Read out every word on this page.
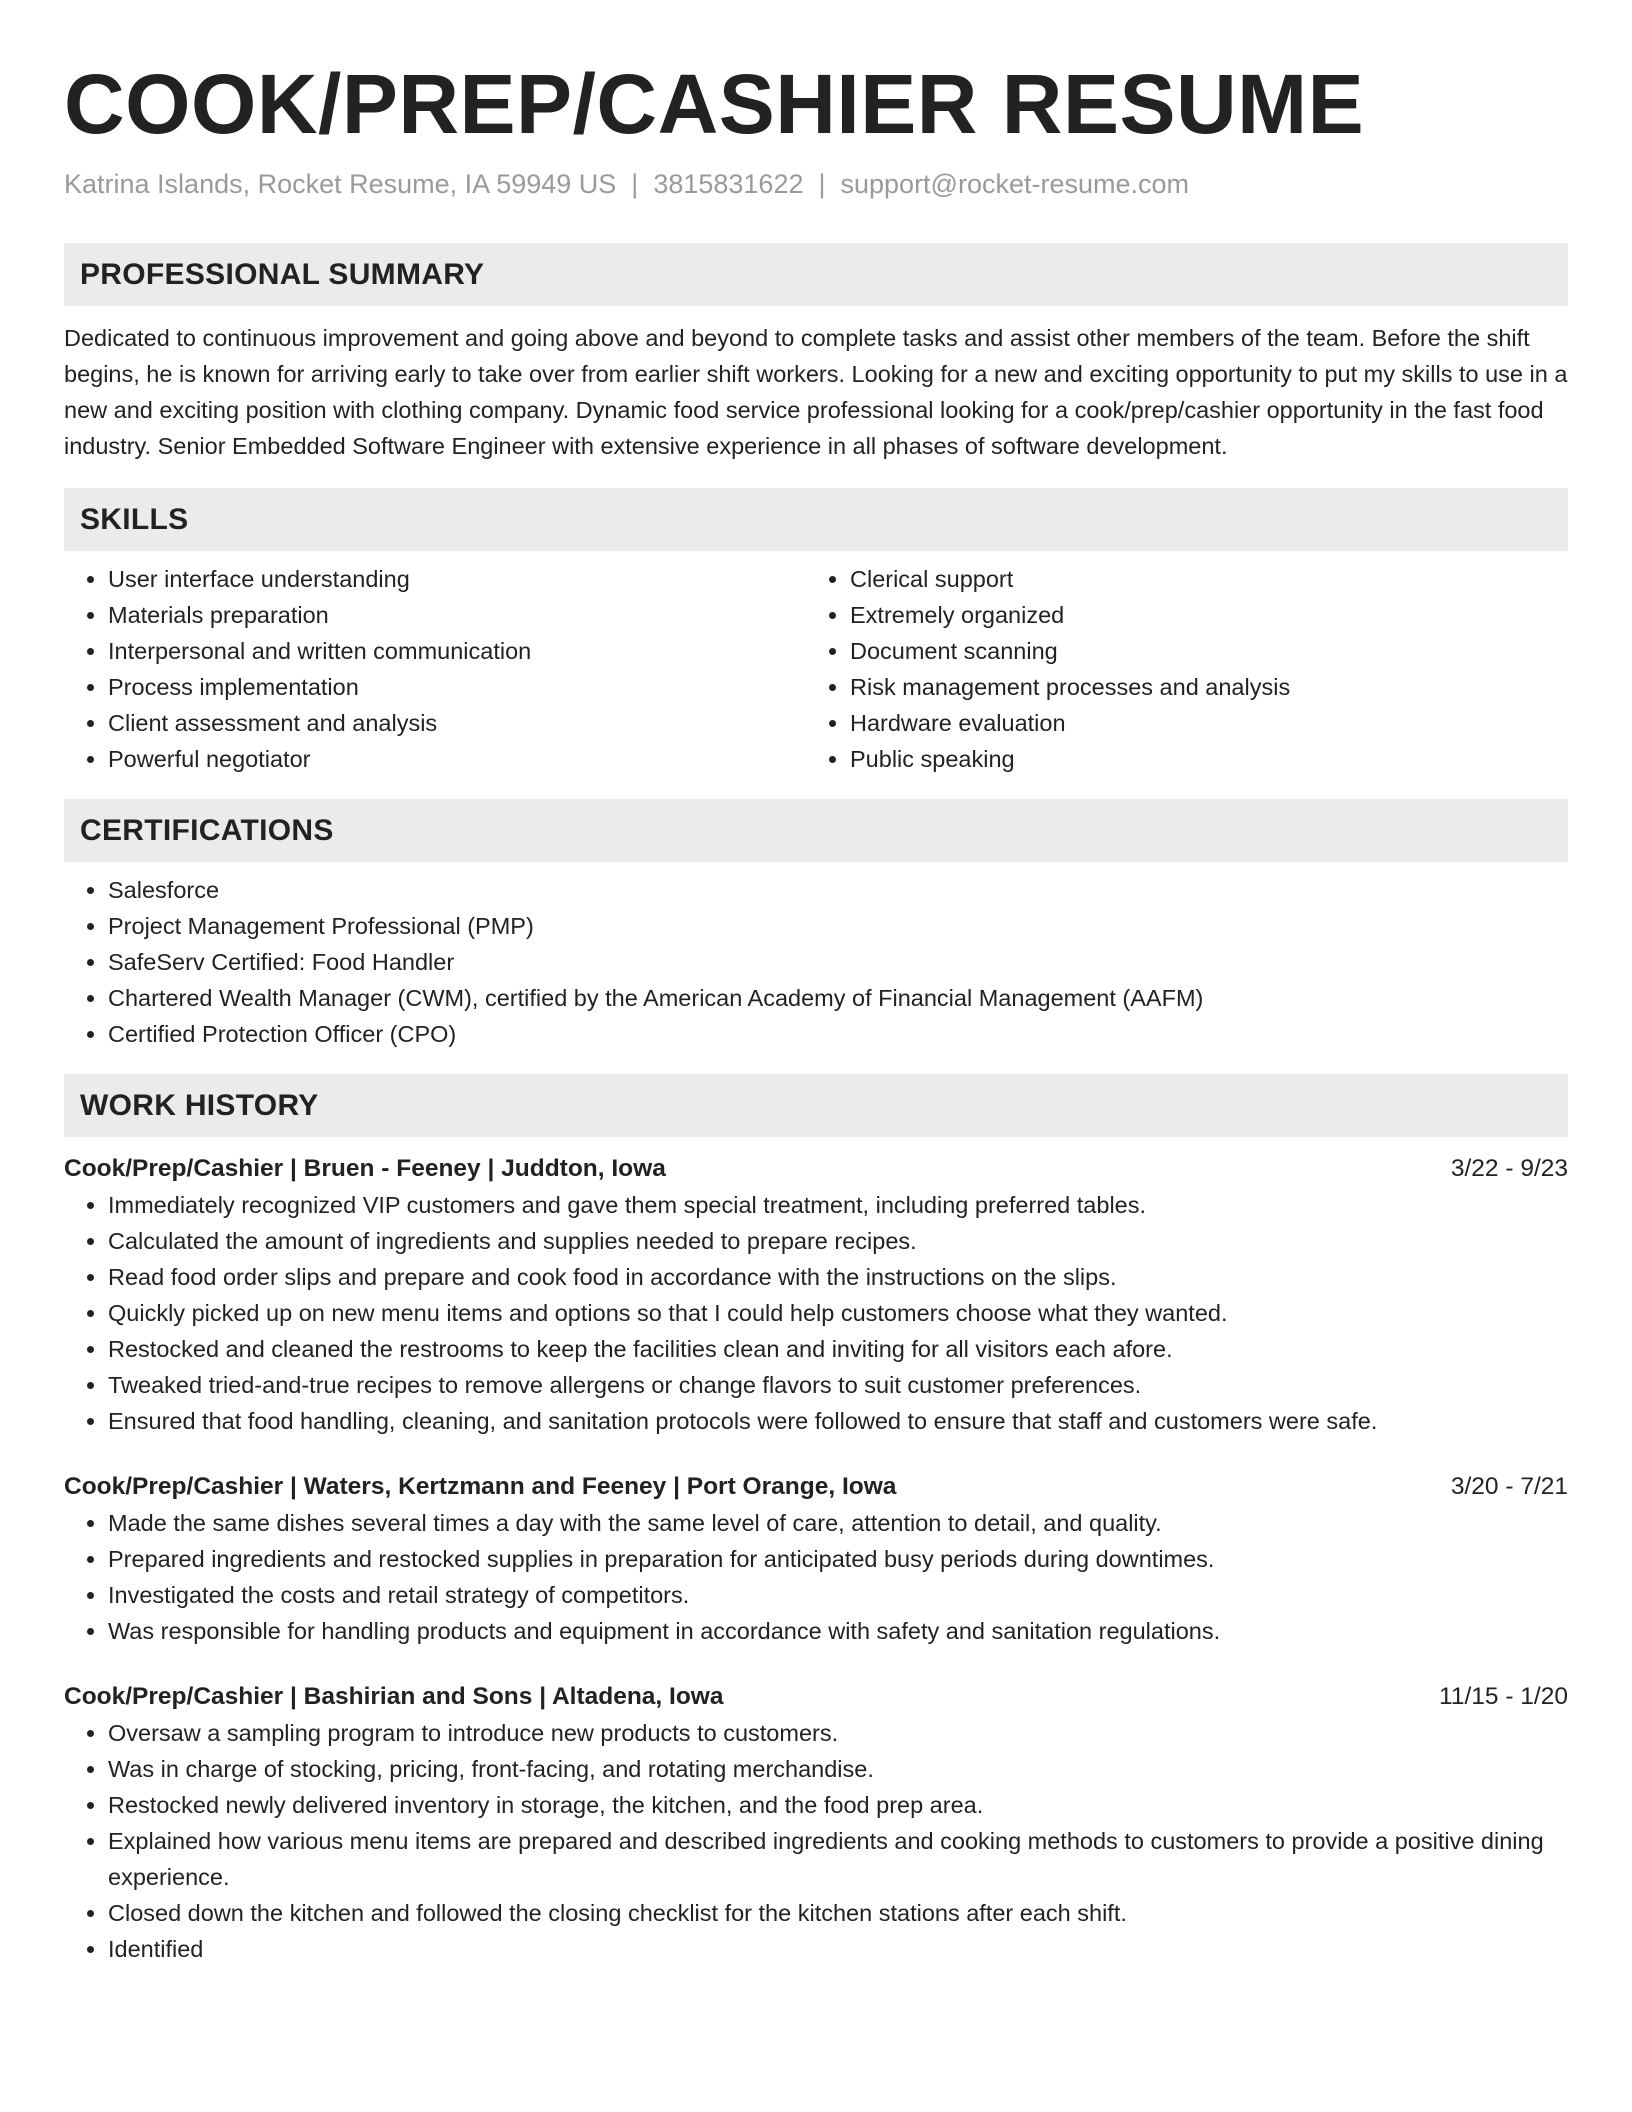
COOK/PREP/CASHIER RESUME
Katrina Islands, Rocket Resume, IA 59949 US | 3815831622 | support@rocket-resume.com
PROFESSIONAL SUMMARY

Dedicated to continuous improvement and going above and beyond to complete tasks and assist other members of the team. Before the shift begins, he is known for arriving early to take over from earlier shift workers. Looking for a new and exciting opportunity to put my skills to use in a new and exciting position with clothing company. Dynamic food service professional looking for a cook/prep/cashier opportunity in the fast food industry. Senior Embedded Software Engineer with extensive experience in all phases of software development.

SKILLS
• User interface understanding
• Materials preparation
• Interpersonal and written communication
• Process implementation
• Client assessment and analysis
• Powerful negotiator
• Clerical support
• Extremely organized
• Document scanning
• Risk management processes and analysis
• Hardware evaluation
• Public speaking
CERTIFICATIONS
• Salesforce
• Project Management Professional (PMP)
• SafeServ Certified: Food Handler
• Chartered Wealth Manager (CWM), certified by the American Academy of Financial Management (AAFM)
• Certified Protection Officer (CPO)
WORK HISTORY
Cook/Prep/Cashier | Bruen - Feeney | Juddton, Iowa	3/22 - 9/23
• Immediately recognized VIP customers and gave them special treatment, including preferred tables.
• Calculated the amount of ingredients and supplies needed to prepare recipes.
• Read food order slips and prepare and cook food in accordance with the instructions on the slips.
• Quickly picked up on new menu items and options so that I could help customers choose what they wanted.
• Restocked and cleaned the restrooms to keep the facilities clean and inviting for all visitors each afore.
• Tweaked tried-and-true recipes to remove allergens or change flavors to suit customer preferences.
• Ensured that food handling, cleaning, and sanitation protocols were followed to ensure that staff and customers were safe.
Cook/Prep/Cashier | Waters, Kertzmann and Feeney | Port Orange, Iowa	3/20 - 7/21
• Made the same dishes several times a day with the same level of care, attention to detail, and quality.
• Prepared ingredients and restocked supplies in preparation for anticipated busy periods during downtimes.
• Investigated the costs and retail strategy of competitors.
• Was responsible for handling products and equipment in accordance with safety and sanitation regulations.
Cook/Prep/Cashier | Bashirian and Sons | Altadena, Iowa	11/15 - 1/20
• Oversaw a sampling program to introduce new products to customers.
• Was in charge of stocking, pricing, front-facing, and rotating merchandise.
• Restocked newly delivered inventory in storage, the kitchen, and the food prep area.
• Explained how various menu items are prepared and described ingredients and cooking methods to customers to provide a positive dining experience.
• Closed down the kitchen and followed the closing checklist for the kitchen stations after each shift.
• Identified
